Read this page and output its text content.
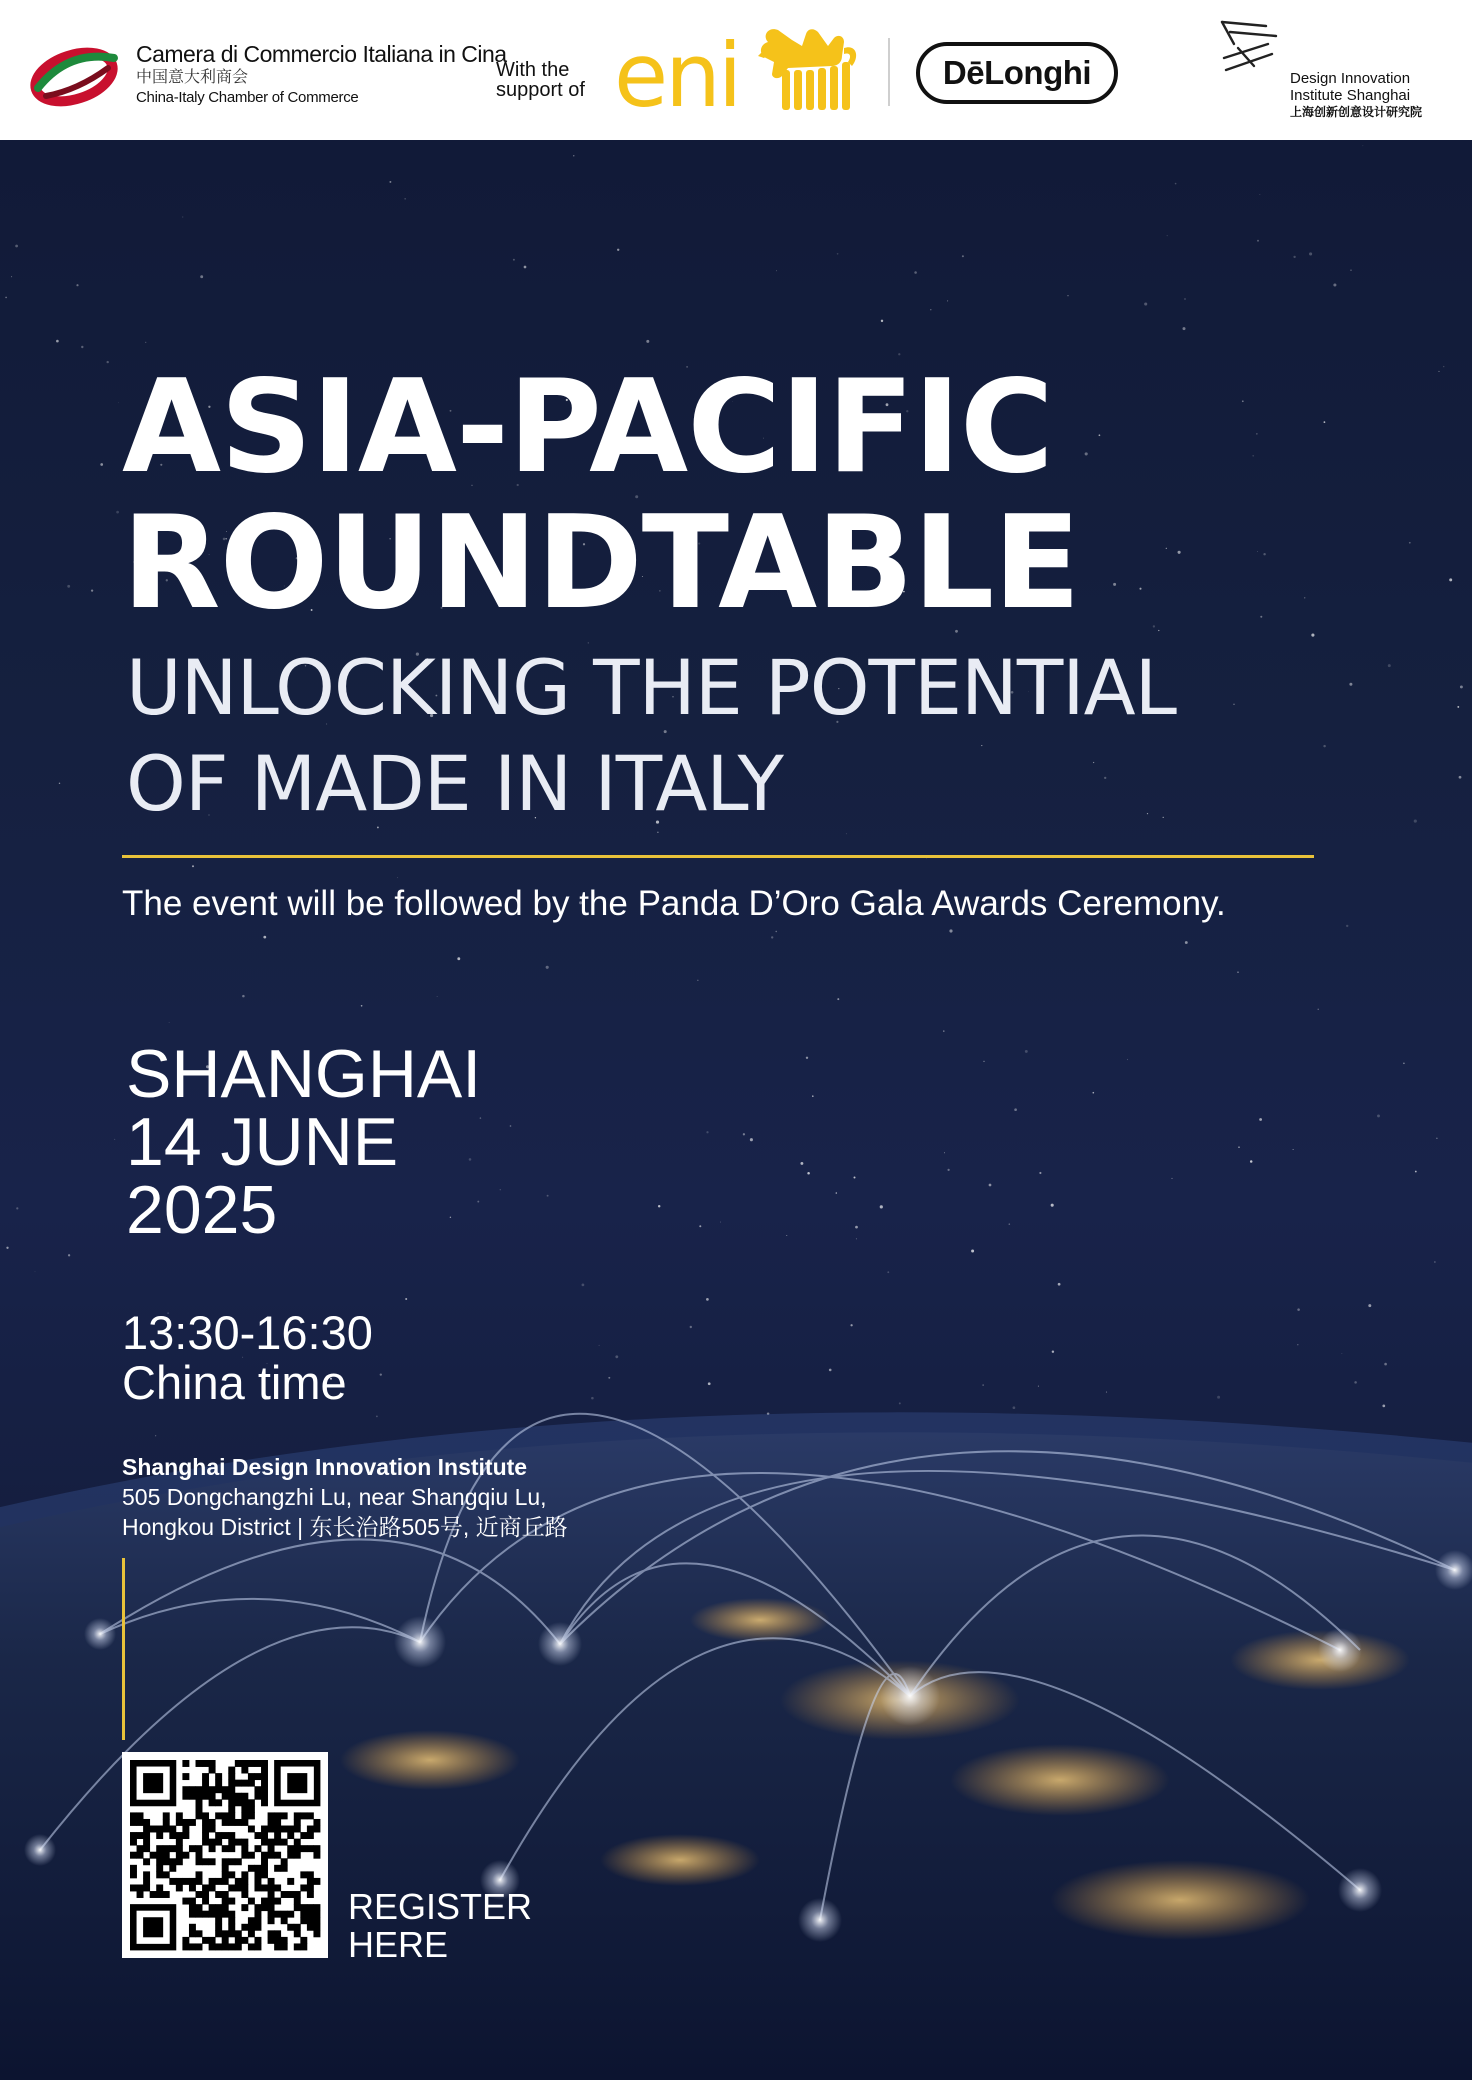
Camera di Commercio Italiana in Cina
中国意大利商会
China-Italy Chamber of Commerce
With the
support of eni	DēLonghi	Design Innovation
Institute Shanghai
上海创新创意设计研究院
ASIA-PACIFIC
ROUNDTABLE
UNLOCKING THE POTENTIAL
OF MADE IN ITALY
The event will be followed by the Panda D’Oro Gala Awards Ceremony.
SHANGHAI
14 JUNE
2025
13:30-16:30
China time
Shanghai Design Innovation Institute
505 Dongchangzhi Lu, near Shangqiu Lu,
Hongkou District | 东长治路505号, 近商丘路
REGISTER
HERE
